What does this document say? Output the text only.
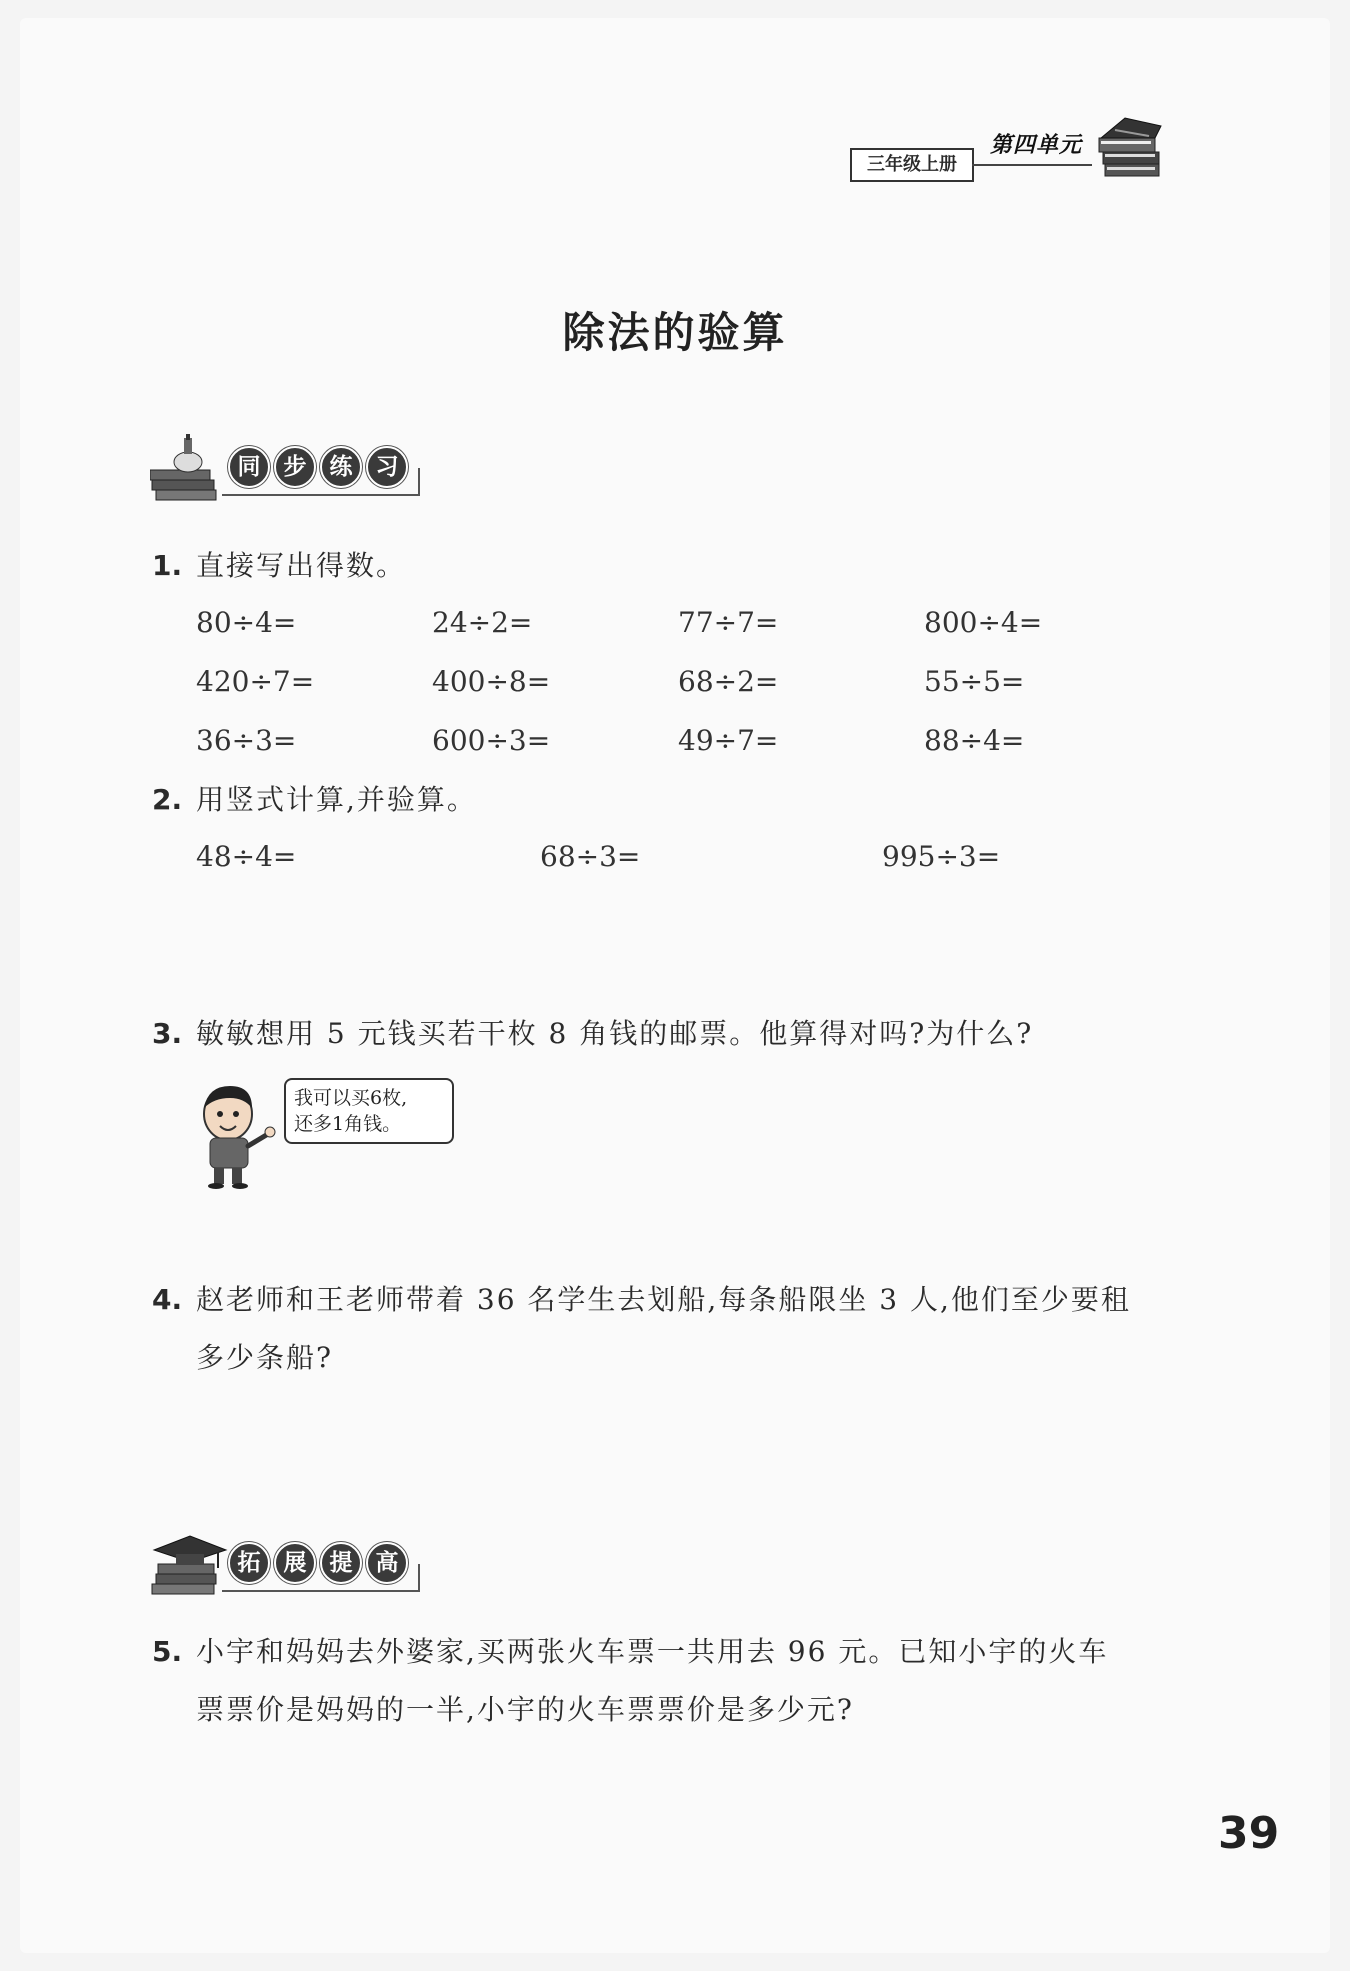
三年级上册
第四单元
除法的验算
同	步	练	习
1. 直接写出得数。
80÷4=	24÷2=	77÷7=	800÷4=
420÷7=	400÷8=	68÷2=	55÷5=
36÷3=	600÷3=	49÷7=	88÷4=
2. 用竖式计算,并验算。
48÷4=	68÷3=	995÷3=
3. 敏敏想用 5 元钱买若干枚 8 角钱的邮票。他算得对吗?为什么?
我可以买6枚,
还多1角钱。
4. 赵老师和王老师带着 36 名学生去划船,每条船限坐 3 人,他们至少要租
多少条船?
拓	展	提	高
5. 小宇和妈妈去外婆家,买两张火车票一共用去 96 元。已知小宇的火车
票票价是妈妈的一半,小宇的火车票票价是多少元?
39
